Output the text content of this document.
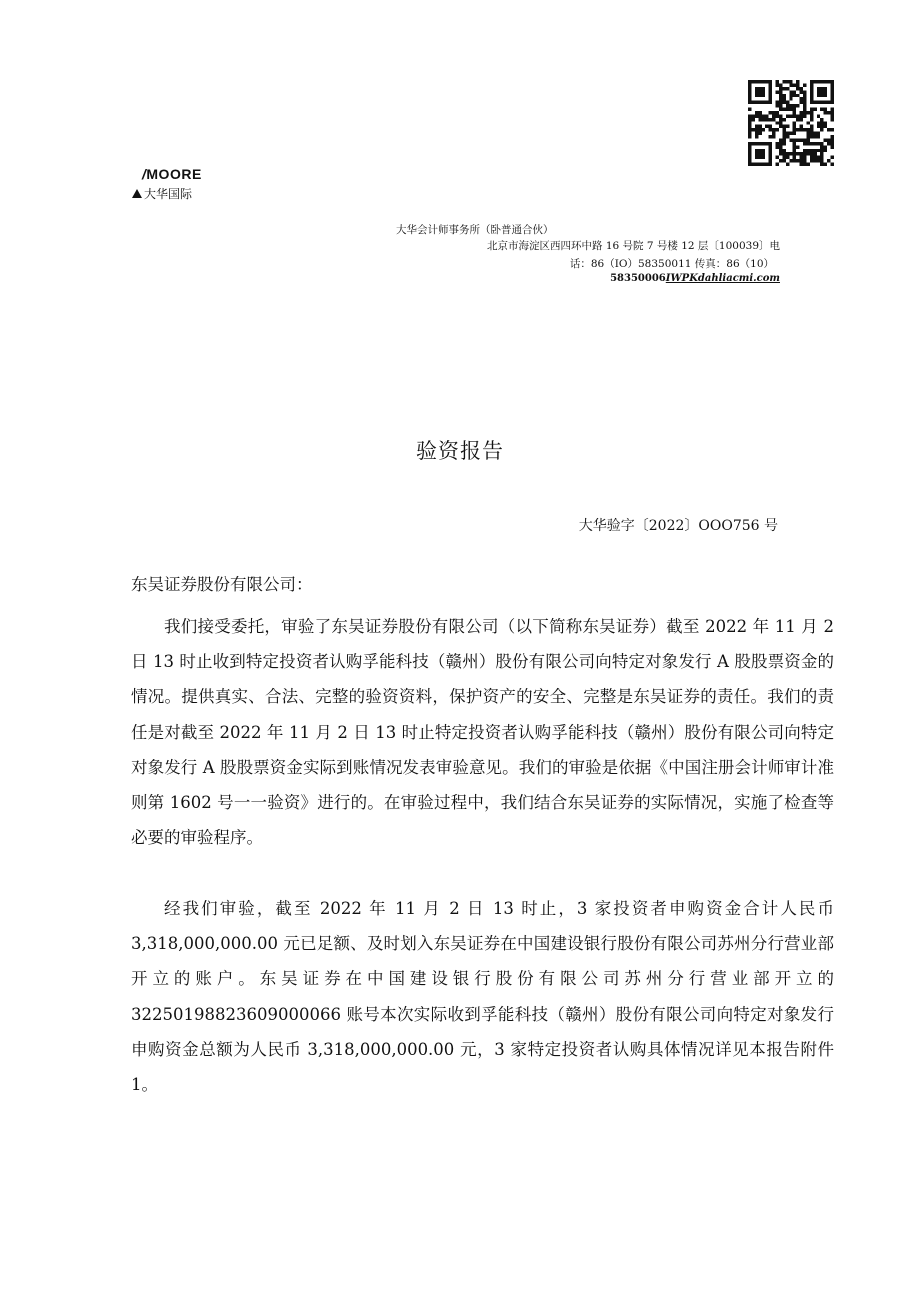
/MOORE
大华国际
大华会计师事务所（卧普通合伙）
北京市海淀区西四环中路 16 号院 7 号楼 12 层〔100039〕电
话：86（IO）58350011 传真：86（10）
58350006IWPKdahliacmi.com
验资报告
大华验字〔2022〕OOO756 号
东吴证券股份有限公司：
我们接受委托，审验了东吴证券股份有限公司（以下简称东吴证券）截至 2022 年 11 月 2 日 13 时止收到特定投资者认购孚能科技（赣州）股份有限公司向特定对象发行 A 股股票资金的情况。提供真实、合法、完整的验资资料，保护资产的安全、完整是东吴证券的责任。我们的责任是对截至 2022 年 11 月 2 日 13 时止特定投资者认购孚能科技（赣州）股份有限公司向特定对象发行 A 股股票资金实际到账情况发表审验意见。我们的审验是依据《中国注册会计师审计准则第 1602 号一一验资》进行的。在审验过程中，我们结合东吴证券的实际情况，实施了检查等必要的审验程序。
经我们审验，截至 2022 年 11 月 2 日 13 时止，3 家投资者申购资金合计人民币 3,318,000,000.00 元已足额、及时划入东吴证券在中国建设银行股份有限公司苏州分行营业部开立的账户。东吴证券在中国建设银行股份有限公司苏州分行营业部开立的 32250198823609000066 账号本次实际收到孚能科技（赣州）股份有限公司向特定对象发行申购资金总额为人民币 3,318,000,000.00 元，3 家特定投资者认购具体情况详见本报告附件 1。
